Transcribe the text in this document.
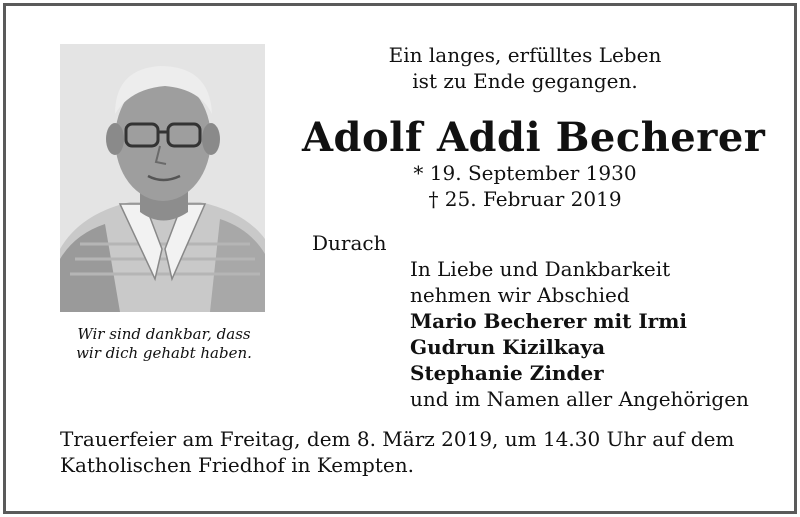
Wir sind dankbar, dass
wir dich gehabt haben.
Ein langes, erfülltes Leben
ist zu Ende gegangen.
Adolf Addi Becherer
* 19. September 1930
† 25. Februar 2019
Durach
In Liebe und Dankbarkeit
nehmen wir Abschied
Mario Becherer mit Irmi
Gudrun Kizilkaya
Stephanie Zinder
und im Namen aller Angehörigen
Trauerfeier am Freitag, dem 8. März 2019, um 14.30 Uhr auf dem
Katholischen Friedhof in Kempten.
